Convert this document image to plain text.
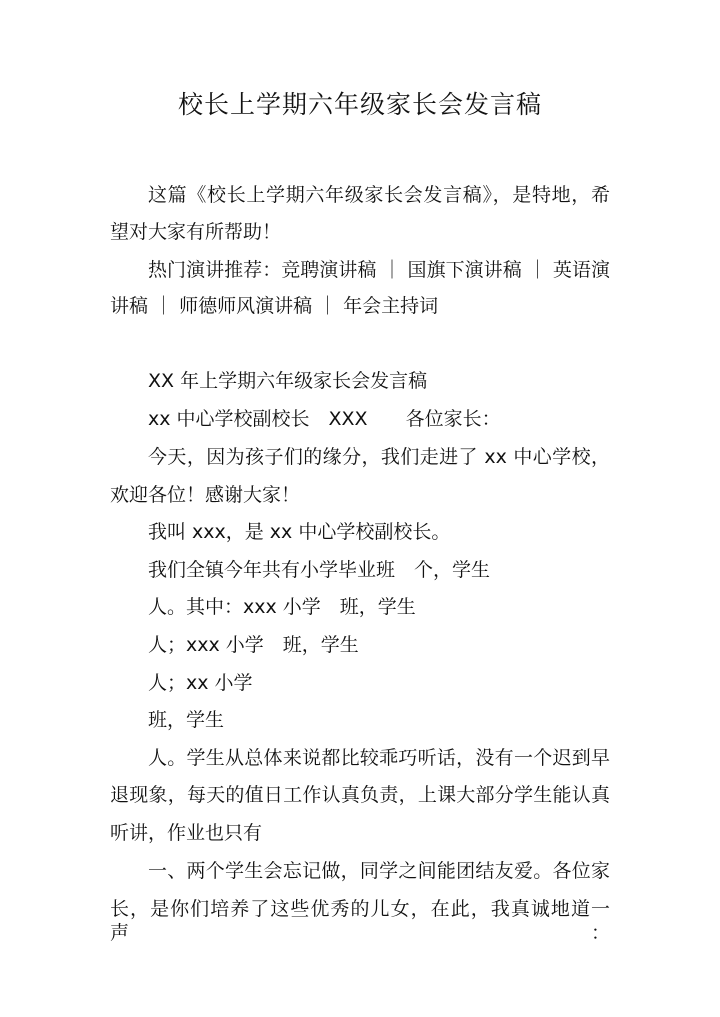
校长上学期六年级家长会发言稿
这篇《校长上学期六年级家长会发言稿》，是特地，希
望对大家有所帮助！
热门演讲推荐：竞聘演讲稿 ｜ 国旗下演讲稿 ｜ 英语演
讲稿 ｜ 师德师风演讲稿 ｜ 年会主持词
XX 年上学期六年级家长会发言稿
xx 中心学校副校长　XXX　　各位家长：
今天，因为孩子们的缘分，我们走进了 xx 中心学校，
欢迎各位！感谢大家！
我叫 xxx，是 xx 中心学校副校长。
我们全镇今年共有小学毕业班　个，学生
人。其中：xxx 小学　班，学生
人；xxx 小学　班，学生
人；xx 小学
班，学生
人。学生从总体来说都比较乖巧听话，没有一个迟到早
退现象，每天的值日工作认真负责，上课大部分学生能认真
听讲，作业也只有
一、两个学生会忘记做，同学之间能团结友爱。各位家
长，是你们培养了这些优秀的儿女，在此，我真诚地道一声：
